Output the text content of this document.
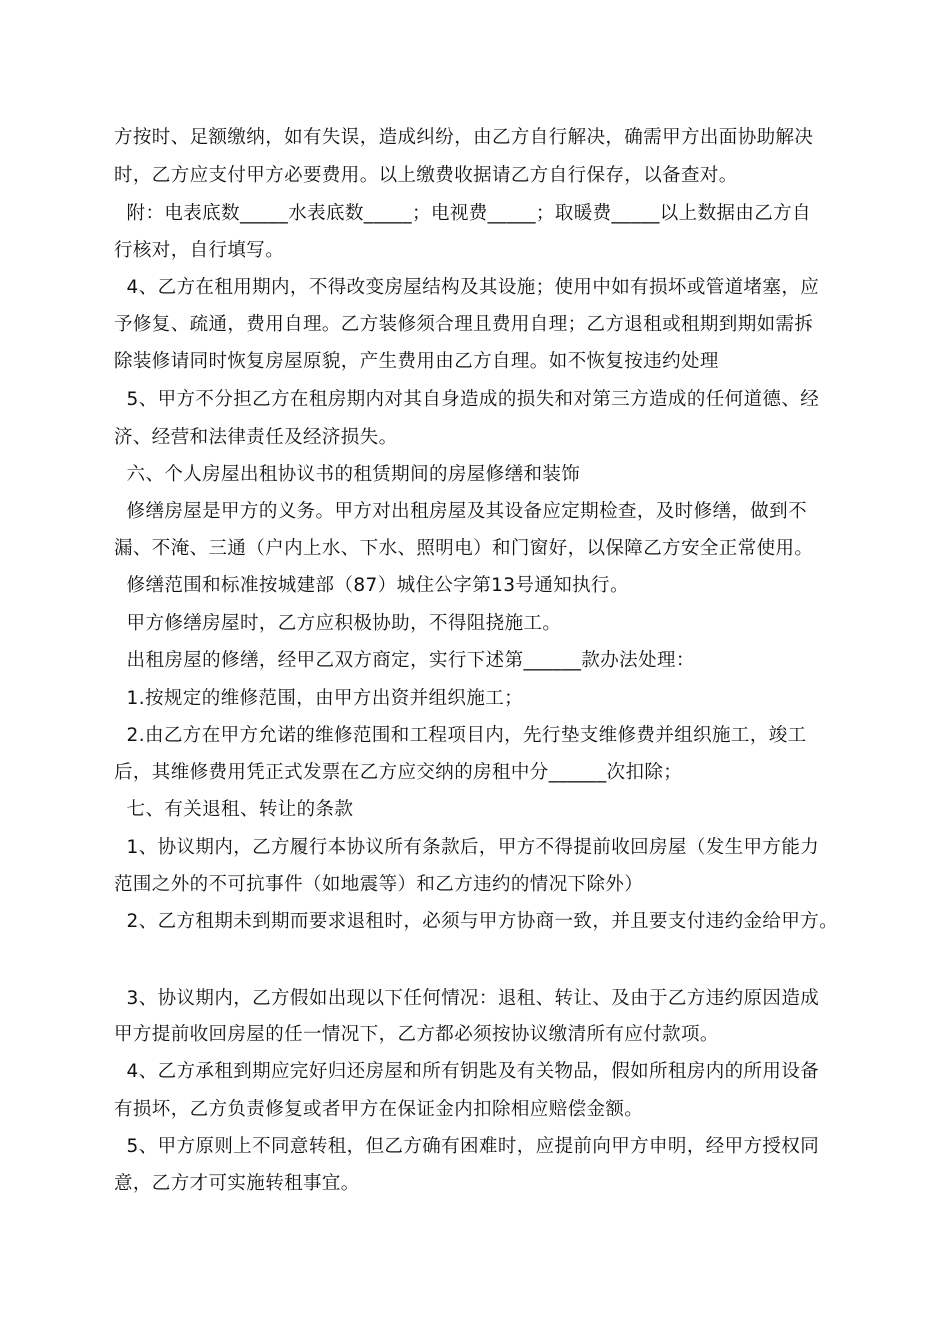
方按时、足额缴纳，如有失误，造成纠纷，由乙方自行解决，确需甲方出面协助解决
时，乙方应支付甲方必要费用。以上缴费收据请乙方自行保存，以备查对。
附：电表底数_____水表底数_____；电视费_____；取暖费_____以上数据由乙方自
行核对，自行填写。
4、乙方在租用期内，不得改变房屋结构及其设施；使用中如有损坏或管道堵塞，应
予修复、疏通，费用自理。乙方装修须合理且费用自理；乙方退租或租期到期如需拆
除装修请同时恢复房屋原貌，产生费用由乙方自理。如不恢复按违约处理
5、甲方不分担乙方在租房期内对其自身造成的损失和对第三方造成的任何道德、经
济、经营和法律责任及经济损失。
六、个人房屋出租协议书的租赁期间的房屋修缮和装饰
修缮房屋是甲方的义务。甲方对出租房屋及其设备应定期检查，及时修缮，做到不
漏、不淹、三通（户内上水、下水、照明电）和门窗好，以保障乙方安全正常使用。
修缮范围和标准按城建部（87）城住公字第13号通知执行。
甲方修缮房屋时，乙方应积极协助，不得阻挠施工。
出租房屋的修缮，经甲乙双方商定，实行下述第______款办法处理：
1.按规定的维修范围，由甲方出资并组织施工；
2.由乙方在甲方允诺的维修范围和工程项目内，先行垫支维修费并组织施工，竣工
后，其维修费用凭正式发票在乙方应交纳的房租中分______次扣除；
七、有关退租、转让的条款
1、协议期内，乙方履行本协议所有条款后，甲方不得提前收回房屋（发生甲方能力
范围之外的不可抗事件（如地震等）和乙方违约的情况下除外）
2、乙方租期未到期而要求退租时，必须与甲方协商一致，并且要支付违约金给甲方。
3、协议期内，乙方假如出现以下任何情况：退租、转让、及由于乙方违约原因造成
甲方提前收回房屋的任一情况下，乙方都必须按协议缴清所有应付款项。
4、乙方承租到期应完好归还房屋和所有钥匙及有关物品，假如所租房内的所用设备
有损坏，乙方负责修复或者甲方在保证金内扣除相应赔偿金额。
5、甲方原则上不同意转租，但乙方确有困难时，应提前向甲方申明，经甲方授权同
意，乙方才可实施转租事宜。
